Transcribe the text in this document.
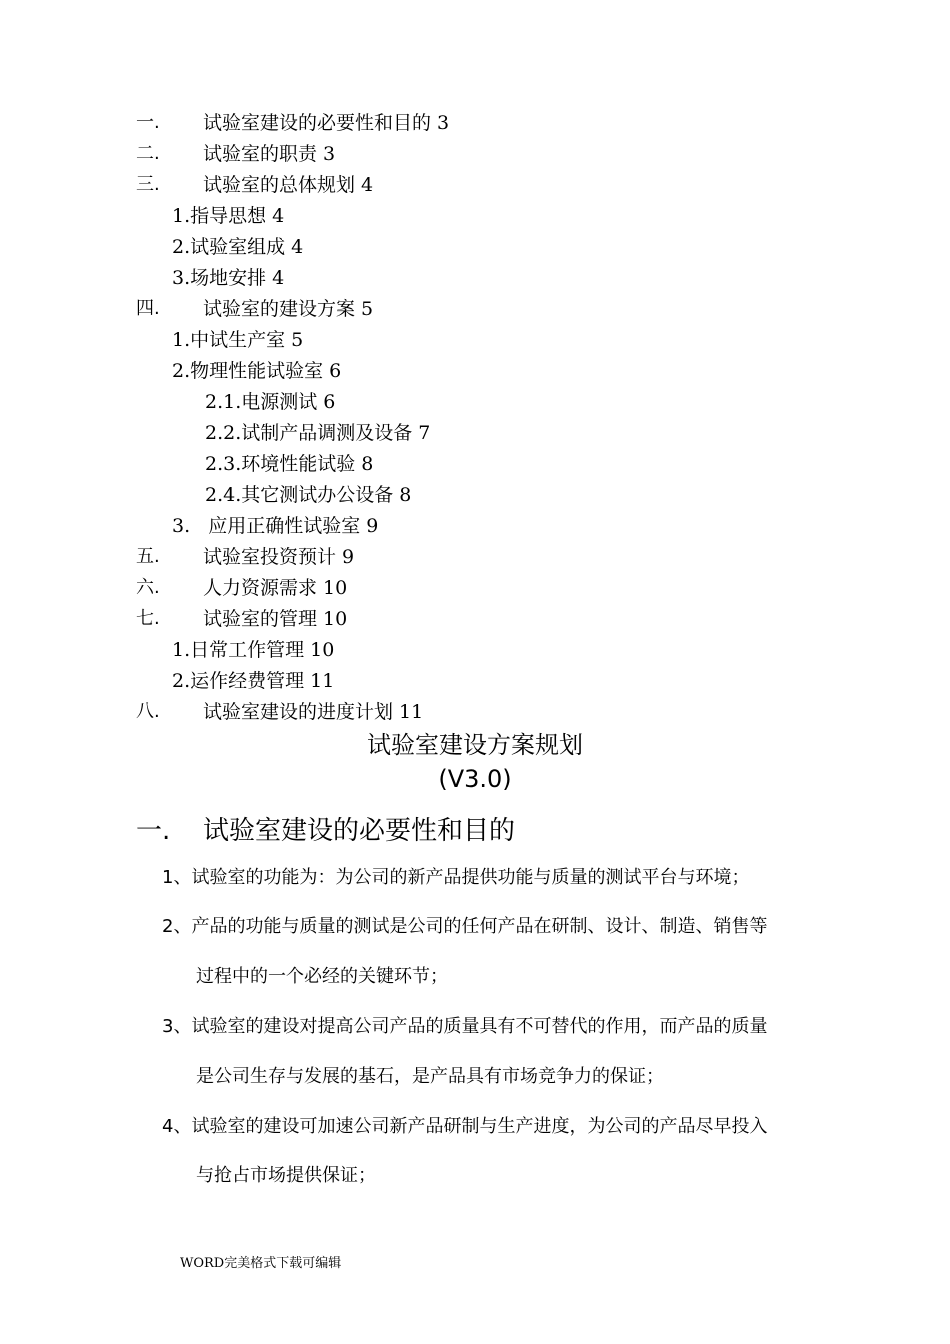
一. 试验室建设的必要性和目的 3
二. 试验室的职责 3
三. 试验室的总体规划 4
1.指导思想 4
2.试验室组成 4
3.场地安排 4
四. 试验室的建设方案 5
1.中试生产室 5
2.物理性能试验室 6
2.1.电源测试 6
2.2.试制产品调测及设备 7
2.3.环境性能试验 8
2.4.其它测试办公设备 8
3.   应用正确性试验室 9
五. 试验室投资预计 9
六. 人力资源需求 10
七. 试验室的管理 10
1.日常工作管理 10
2.运作经费管理 11
八. 试验室建设的进度计划 11
试验室建设方案规划
(V3.0)
一. 试验室建设的必要性和目的
1、试验室的功能为：为公司的新产品提供功能与质量的测试平台与环境；
2、产品的功能与质量的测试是公司的任何产品在研制、设计、制造、销售等
过程中的一个必经的关键环节；
3、试验室的建设对提高公司产品的质量具有不可替代的作用，而产品的质量
是公司生存与发展的基石，是产品具有市场竞争力的保证；
4、试验室的建设可加速公司新产品研制与生产进度，为公司的产品尽早投入
与抢占市场提供保证；
WORD完美格式下载可编辑
